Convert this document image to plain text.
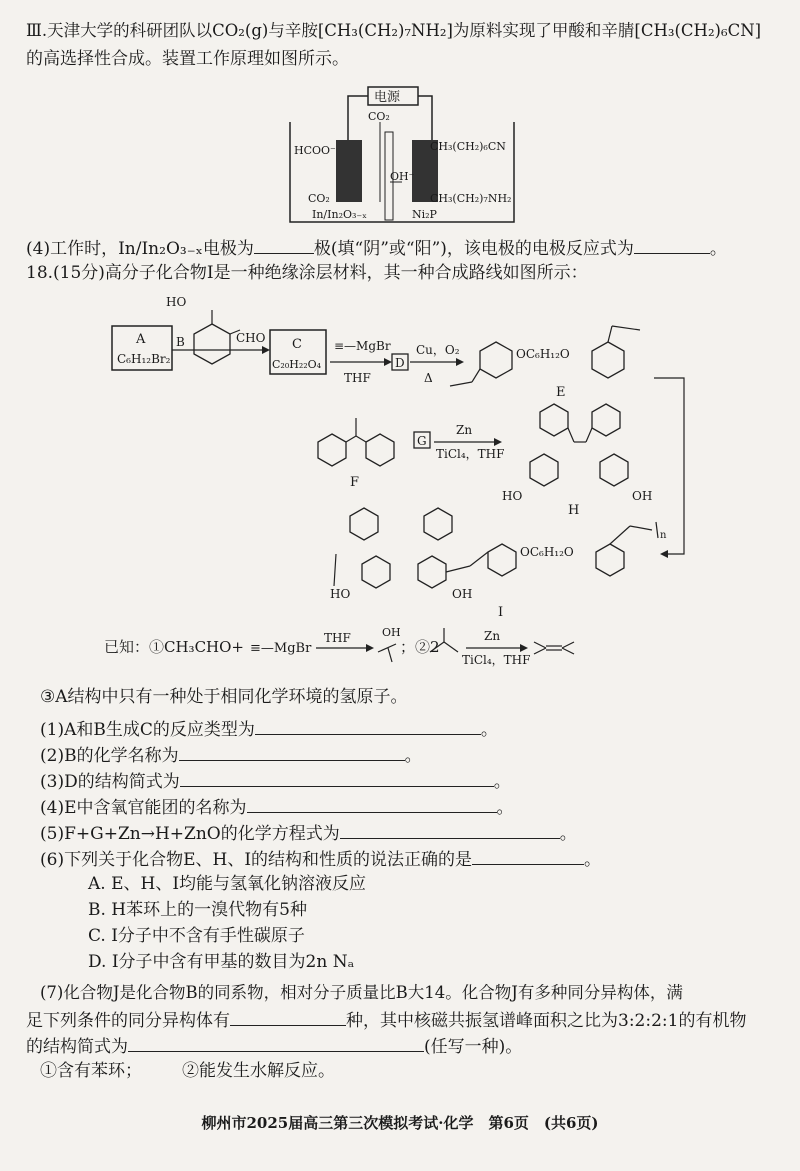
Ⅲ.天津大学的科研团队以CO₂(g)与辛胺[CH₃(CH₂)₇NH₂]为原料实现了甲酸和辛腈[CH₃(CH₂)₆CN]
的高选择性合成。装置工作原理如图所示。
电源
CO₂
HCOO⁻
CO₂
In/In₂O₃₋ₓ
OH⁻
CH₃(CH₂)₆CN
CH₃(CH₂)₇NH₂
Ni₂P
(4)工作时，In/In₂O₃₋ₓ电极为	极(填“阴”或“阳”)，该电极的电极反应式为	。
18.(15分)高分子化合物I是一种绝缘涂层材料，其一种合成路线如图所示：
A
C₆H₁₂Br₂
B
HO
CHO C
C₂₀H₂₂O₄
≡—MgBr
THF
D
Cu，O₂
Δ
OC₆H₁₂O
E
F
G
Zn
TiCl₄，THF
HO	OH
H
HO	OH
OC₆H₁₂O
n
I
已知：①CH₃CHO+ ≡—MgBr
THF	OH
；②2
Zn
TiCl₄，THF
③A结构中只有一种处于相同化学环境的氢原子。
(1)A和B生成C的反应类型为	。
(2)B的化学名称为	。
(3)D的结构简式为	。
(4)E中含氧官能团的名称为	。
(5)F+G+Zn→H+ZnO的化学方程式为	。
(6)下列关于化合物E、H、I的结构和性质的说法正确的是	。
A. E、H、I均能与氢氧化钠溶液反应
B. H苯环上的一溴代物有5种
C. I分子中不含有手性碳原子
D. I分子中含有甲基的数目为2n Nₐ
(7)化合物J是化合物B的同系物，相对分子质量比B大14。化合物J有多种同分异构体，满
足下列条件的同分异构体有	种，其中核磁共振氢谱峰面积之比为3:2:2:1的有机物
的结构简式为	(任写一种)。
①含有苯环； ②能发生水解反应。
柳州市2025届高三第三次模拟考试·化学　第6页　(共6页)
